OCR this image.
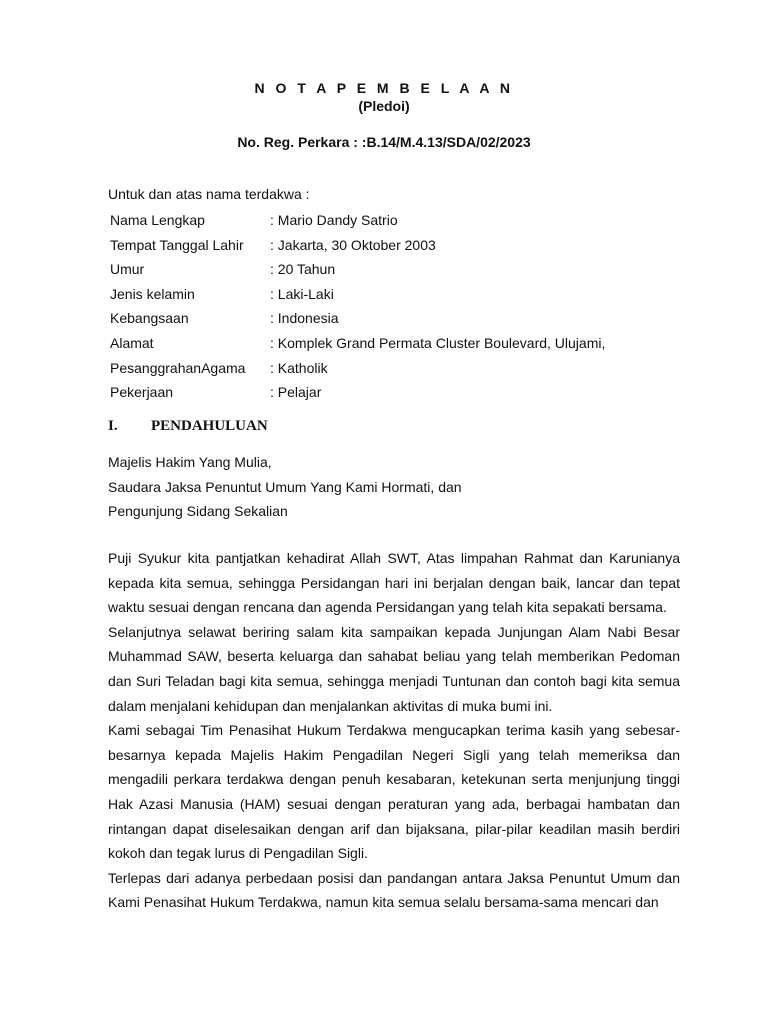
N O T A P E M B E L A A N
(Pledoi)
No. Reg. Perkara : :B.14/M.4.13/SDA/02/2023
Untuk dan atas nama terdakwa :
Nama Lengkap	: Mario Dandy Satrio
Tempat Tanggal Lahir : Jakarta, 30 Oktober 2003
Umur	: 20 Tahun
Jenis kelamin	: Laki-Laki
Kebangsaan	: Indonesia
Alamat	: Komplek Grand Permata Cluster Boulevard, Ulujami,
PesanggrahanAgama : Katholik
Pekerjaan	: Pelajar
I. PENDAHULUAN
Majelis Hakim Yang Mulia,
Saudara Jaksa Penuntut Umum Yang Kami Hormati, dan
Pengunjung Sidang Sekalian

Puji Syukur kita pantjatkan kehadirat Allah SWT, Atas limpahan Rahmat dan Karunianya kepada kita semua, sehingga Persidangan hari ini berjalan dengan baik, lancar dan tepat waktu sesuai dengan rencana dan agenda Persidangan yang telah kita sepakati bersama.

Selanjutnya selawat beriring salam kita sampaikan kepada Junjungan Alam Nabi Besar Muhammad SAW, beserta keluarga dan sahabat beliau yang telah memberikan Pedoman dan Suri Teladan bagi kita semua, sehingga menjadi Tuntunan dan contoh bagi kita semua dalam menjalani kehidupan dan menjalankan aktivitas di muka bumi ini.

Kami sebagai Tim Penasihat Hukum Terdakwa mengucapkan terima kasih yang sebesar-besarnya kepada Majelis Hakim Pengadilan Negeri Sigli yang telah memeriksa dan mengadili perkara terdakwa dengan penuh kesabaran, ketekunan serta menjunjung tinggi Hak Azasi Manusia (HAM) sesuai dengan peraturan yang ada, berbagai hambatan dan rintangan dapat diselesaikan dengan arif dan bijaksana, pilar-pilar keadilan masih berdiri kokoh dan tegak lurus di Pengadilan Sigli.

Terlepas dari adanya perbedaan posisi dan pandangan antara Jaksa Penuntut Umum dan Kami Penasihat Hukum Terdakwa, namun kita semua selalu bersama-sama mencari dan
